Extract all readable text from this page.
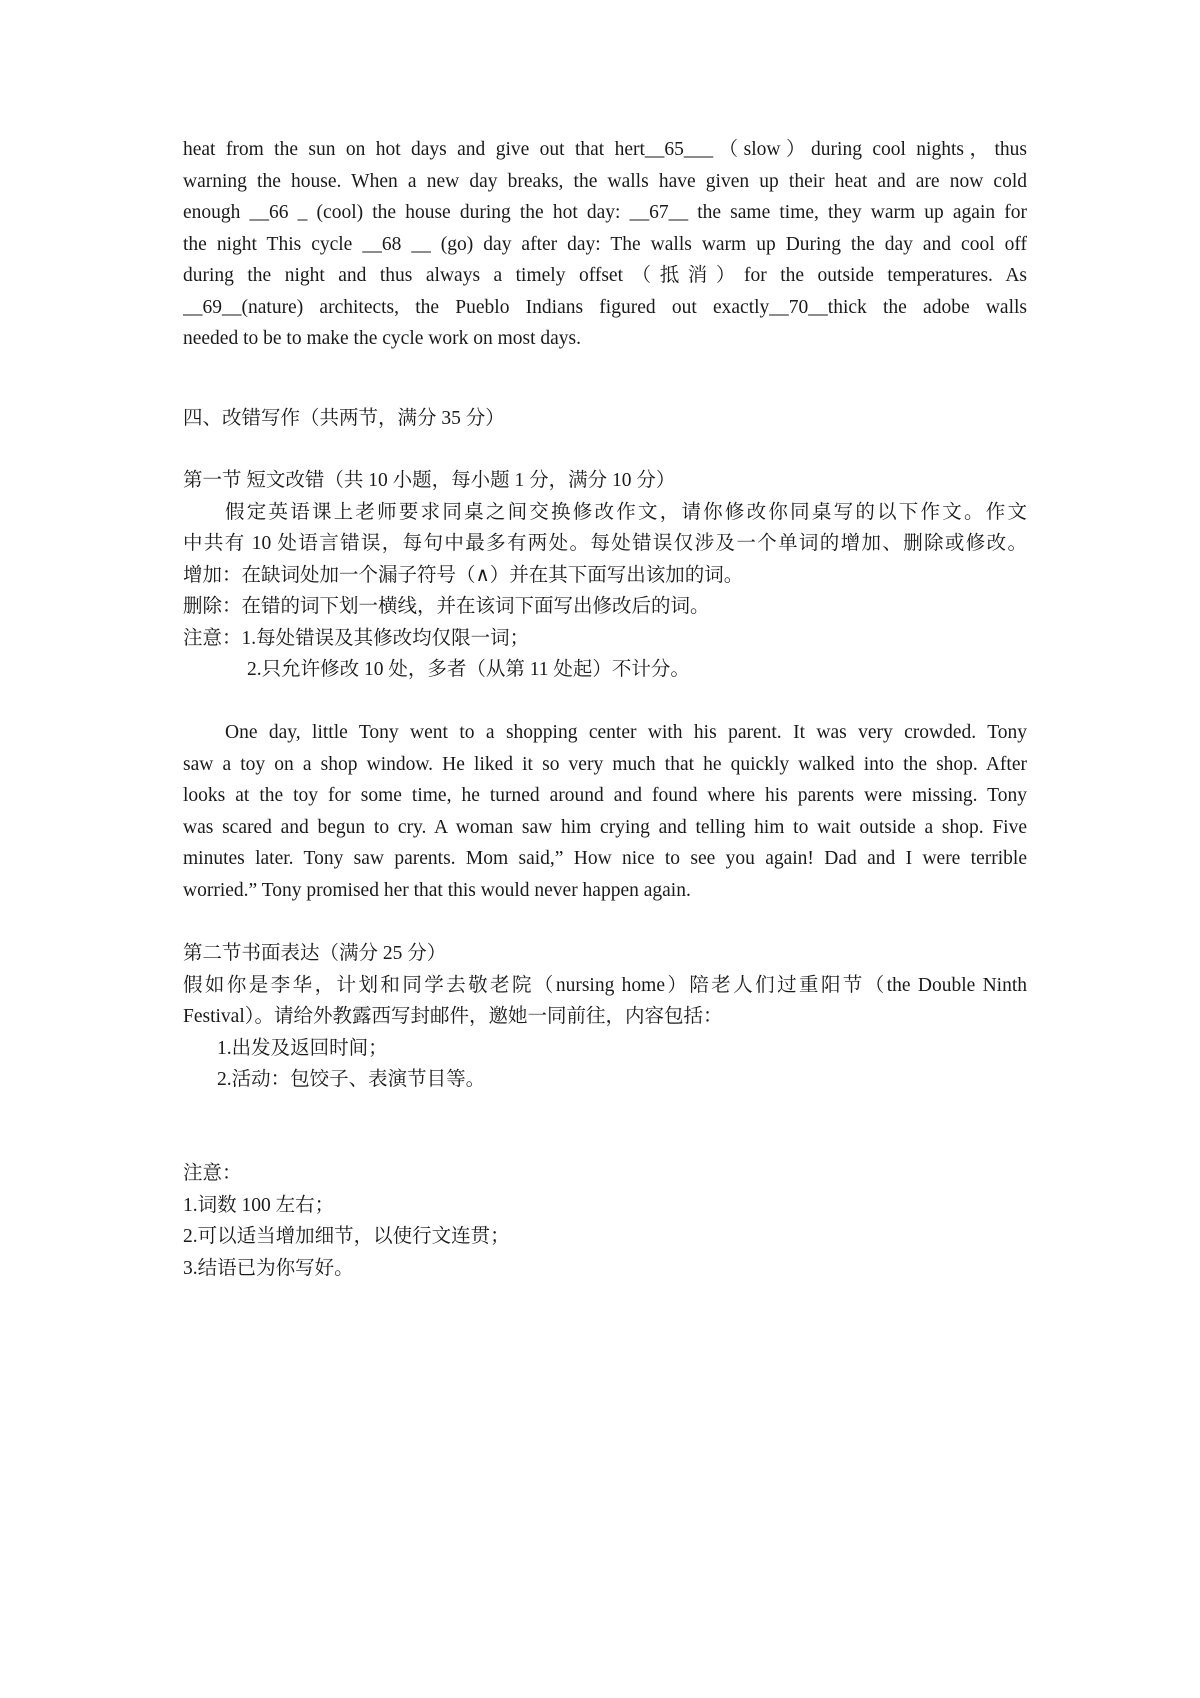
heat from the sun on hot days and give out that hert__65___（slow）during cool nights，thus
warning the house. When a new day breaks, the walls have given up their heat and are now cold
enough __66 _ (cool) the house during the hot day: __67__ the same time, they warm up again for
the night This cycle __68 __ (go) day after day: The walls warm up During the day and cool off
during the night and thus always a timely offset（抵消）for the outside temperatures. As
__69__(nature) architects, the Pueblo Indians figured out exactly__70__thick the adobe walls
needed to be to make the cycle work on most days.
四、改错写作（共两节，满分 35 分）
第一节 短文改错（共 10 小题，每小题 1 分，满分 10 分）
假定英语课上老师要求同桌之间交换修改作文，请你修改你同桌写的以下作文。作文
中共有 10 处语言错误，每句中最多有两处。每处错误仅涉及一个单词的增加、删除或修改。
增加：在缺词处加一个漏子符号（∧）并在其下面写出该加的词。
删除：在错的词下划一横线，并在该词下面写出修改后的词。
注意：1.每处错误及其修改均仅限一词；
2.只允许修改 10 处，多者（从第 11 处起）不计分。
One day, little Tony went to a shopping center with his parent. It was very crowded. Tony
saw a toy on a shop window. He liked it so very much that he quickly walked into the shop. After
looks at the toy for some time, he turned around and found where his parents were missing. Tony
was scared and begun to cry. A woman saw him crying and telling him to wait outside a shop. Five
minutes later. Tony saw parents. Mom said,” How nice to see you again! Dad and I were terrible
worried.” Tony promised her that this would never happen again.
第二节书面表达（满分 25 分）
假如你是李华，计划和同学去敬老院（nursing home）陪老人们过重阳节（the Double Ninth
Festival）。请给外教露西写封邮件，邀她一同前往，内容包括：
1.出发及返回时间；
2.活动：包饺子、表演节目等。
注意：
1.词数 100 左右；
2.可以适当增加细节，以使行文连贯；
3.结语已为你写好。
